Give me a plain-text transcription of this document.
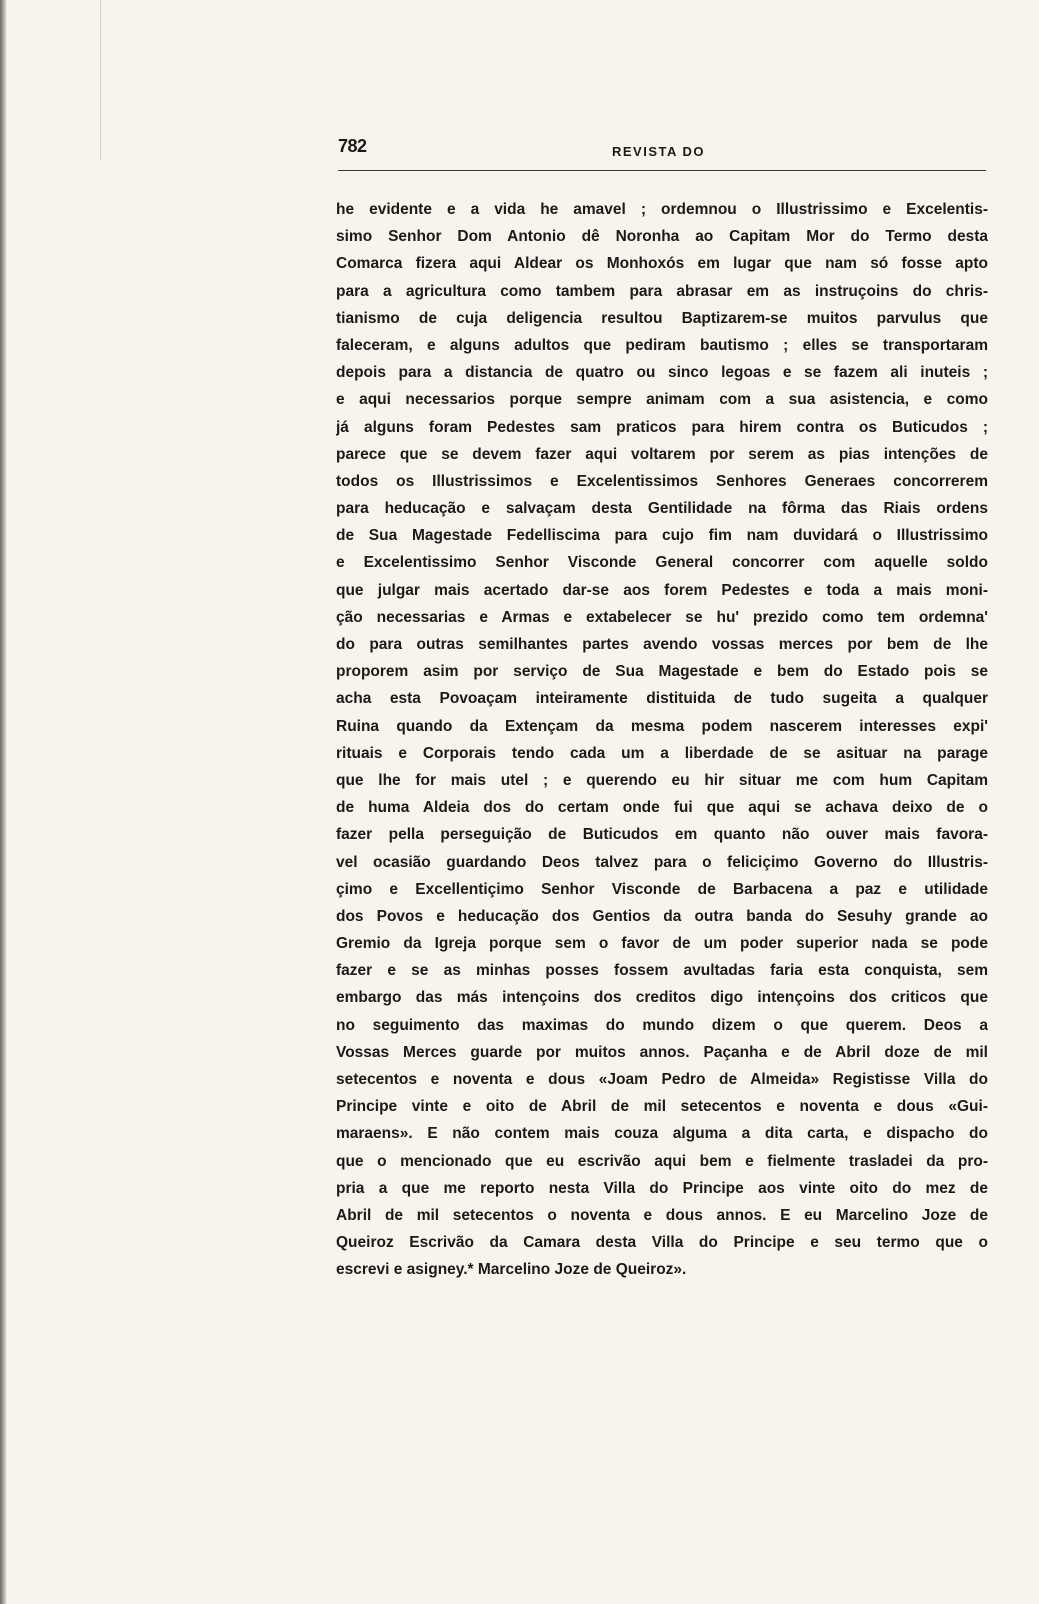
782	REVISTA DO
he evidente e a vida he amavel ; ordemnou o Illustrissimo e Excelentis-
simo Senhor Dom Antonio dê Noronha ao Capitam Mor do Termo desta
Comarca fizera aqui Aldear os Monhoxós em lugar que nam só fosse apto
para a agricultura como tambem para abrasar em as instruçoins do chris-
tianismo de cuja deligencia resultou Baptizarem-se muitos parvulus que
faleceram, e alguns adultos que pediram bautismo ; elles se transportaram
depois para a distancia de quatro ou sinco legoas e se fazem ali inuteis ;
e aqui necessarios porque sempre animam com a sua asistencia, e como
já alguns foram Pedestes sam praticos para hirem contra os Buticudos ;
parece que se devem fazer aqui voltarem por serem as pias intenções de
todos os Illustrissimos e Excelentissimos Senhores Generaes concorrerem
para heducação e salvaçam desta Gentilidade na fôrma das Riais ordens
de Sua Magestade Fedelliscima para cujo fim nam duvidará o Illustrissimo
e Excelentissimo Senhor Visconde General concorrer com aquelle soldo
que julgar mais acertado dar-se aos forem Pedestes e toda a mais moni-
ção necessarias e Armas e extabelecer se hu' prezido como tem ordemna'
do para outras semilhantes partes avendo vossas merces por bem de lhe
proporem asim por serviço de Sua Magestade e bem do Estado pois se
acha esta Povoaçam inteiramente distituida de tudo sugeita a qualquer
Ruina quando da Extençam da mesma podem nascerem interesses expi'
rituais e Corporais tendo cada um a liberdade de se asituar na parage
que lhe for mais utel ; e querendo eu hir situar me com hum Capitam
de huma Aldeia dos do certam onde fui que aqui se achava deixo de o
fazer pella perseguição de Buticudos em quanto não ouver mais favora-
vel ocasião guardando Deos talvez para o feliciçimo Governo do Illustris-
çimo e Excellentiçimo Senhor Visconde de Barbacena a paz e utilidade
dos Povos e heducação dos Gentios da outra banda do Sesuhy grande ao
Gremio da Igreja porque sem o favor de um poder superior nada se pode
fazer e se as minhas posses fossem avultadas faria esta conquista, sem
embargo das más intençoins dos creditos digo intençoins dos criticos que
no seguimento das maximas do mundo dizem o que querem. Deos a
Vossas Merces guarde por muitos annos. Paçanha e de Abril doze de mil
setecentos e noventa e dous «Joam Pedro de Almeida» Registisse Villa do
Principe vinte e oito de Abril de mil setecentos e noventa e dous «Gui-
maraens». E não contem mais couza alguma a dita carta, e dispacho do
que o mencionado que eu escrivão aqui bem e fielmente trasladei da pro-
pria a que me reporto nesta Villa do Principe aos vinte oito do mez de
Abril de mil setecentos o noventa e dous annos. E eu Marcelino Joze de
Queiroz Escrivão da Camara desta Villa do Principe e seu termo que o
escrevi e asigney.* Marcelino Joze de Queiroz».
